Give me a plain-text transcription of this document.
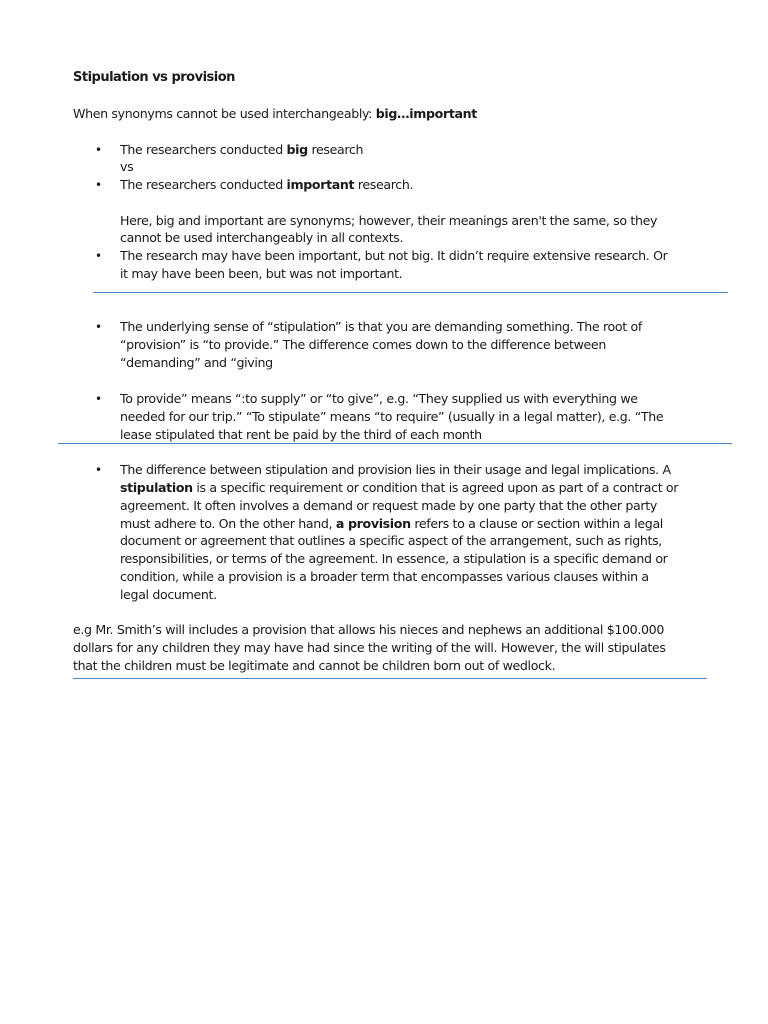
Stipulation vs provision

When synonyms cannot be used interchangeably: big…important

• The researchers conducted big research

vs

• The researchers conducted important research.

Here, big and important are synonyms; however, their meanings aren't the same, so they

cannot be used interchangeably in all contexts.

• The research may have been important, but not big. It didn’t require extensive research. Or

it may have been been, but was not important.

• The underlying sense of “stipulation” is that you are demanding something. The root of

“provision” is “to provide.” The difference comes down to the difference between

“demanding” and “giving

• To provide” means “:to supply” or “to give”, e.g. “They supplied us with everything we

needed for our trip.” “To stipulate” means “to require” (usually in a legal matter), e.g. “The

lease stipulated that rent be paid by the third of each month

• The difference between stipulation and provision lies in their usage and legal implications. A

stipulation is a specific requirement or condition that is agreed upon as part of a contract or

agreement. It often involves a demand or request made by one party that the other party

must adhere to. On the other hand, a provision refers to a clause or section within a legal

document or agreement that outlines a specific aspect of the arrangement, such as rights,

responsibilities, or terms of the agreement. In essence, a stipulation is a specific demand or

condition, while a provision is a broader term that encompasses various clauses within a

legal document.

e.g Mr. Smith’s will includes a provision that allows his nieces and nephews an additional $100.000

dollars for any children they may have had since the writing of the will. However, the will stipulates

that the children must be legitimate and cannot be children born out of wedlock.
